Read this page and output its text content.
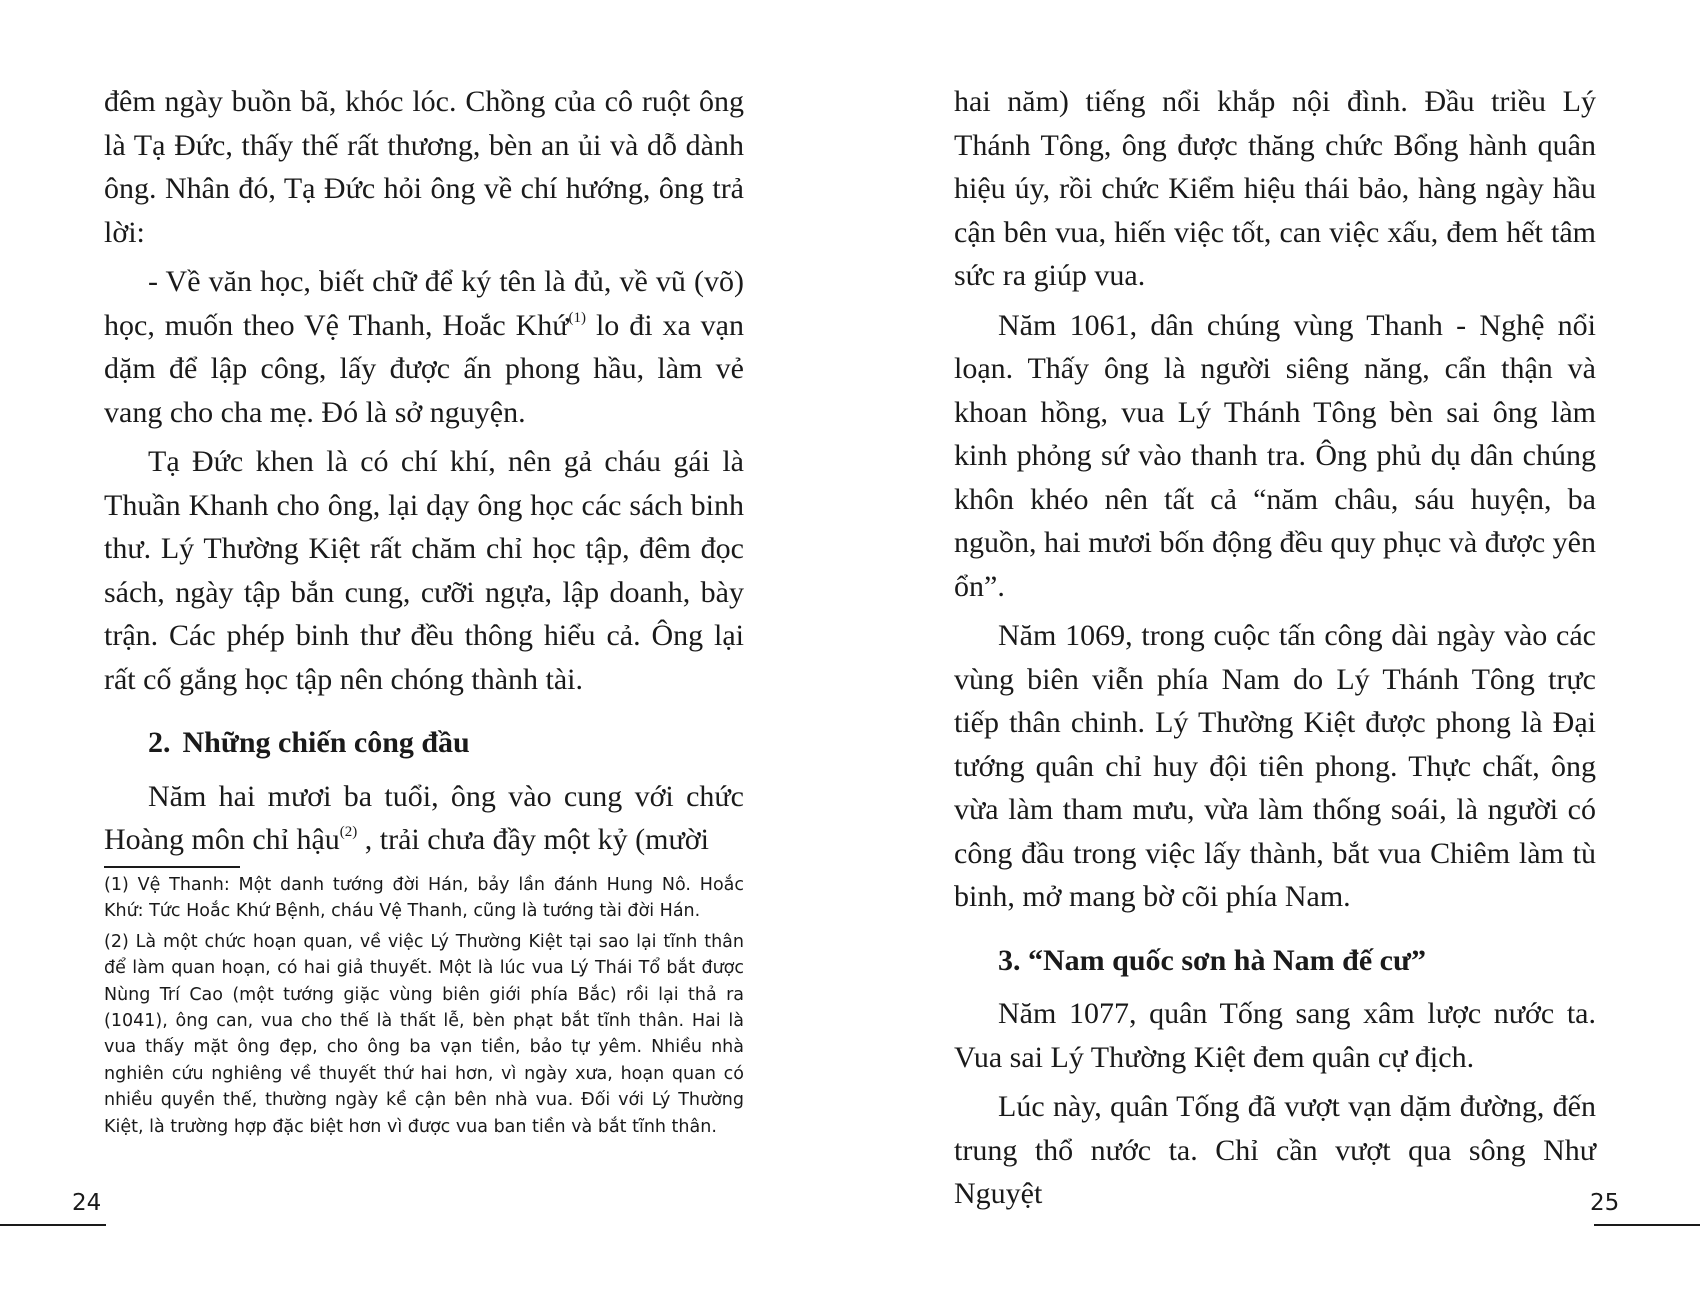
đêm ngày buồn bã, khóc lóc. Chồng của cô ruột ông là Tạ Đức, thấy thế rất thương, bèn an ủi và dỗ dành ông. Nhân đó, Tạ Đức hỏi ông về chí hướng, ông trả lời:

- Về văn học, biết chữ để ký tên là đủ, về vũ (võ) học, muốn theo Vệ Thanh, Hoắc Khứ$^{(1)}$ lo đi xa vạn dặm để lập công, lấy được ấn phong hầu, làm vẻ vang cho cha mẹ. Đó là sở nguyện.

Tạ Đức khen là có chí khí, nên gả cháu gái là Thuần Khanh cho ông, lại dạy ông học các sách binh thư. Lý Thường Kiệt rất chăm chỉ học tập, đêm đọc sách, ngày tập bắn cung, cưỡi ngựa, lập doanh, bày trận. Các phép binh thư đều thông hiểu cả. Ông lại rất cố gắng học tập nên chóng thành tài.

2. Những chiến công đầu

Năm hai mươi ba tuổi, ông vào cung với chức Hoàng môn chỉ hậu$^{(2)}$ , trải chưa đầy một kỷ (mười

(1) Vệ Thanh: Một danh tướng đời Hán, bảy lần đánh Hung Nô. Hoắc Khứ: Tức Hoắc Khứ Bệnh, cháu Vệ Thanh, cũng là tướng tài đời Hán.

(2) Là một chức hoạn quan, về việc Lý Thường Kiệt tại sao lại tĩnh thân để làm quan hoạn, có hai giả thuyết. Một là lúc vua Lý Thái Tổ bắt được Nùng Trí Cao (một tướng giặc vùng biên giới phía Bắc) rồi lại thả ra (1041), ông can, vua cho thế là thất lễ, bèn phạt bắt tĩnh thân. Hai là vua thấy mặt ông đẹp, cho ông ba vạn tiền, bảo tự yêm. Nhiều nhà nghiên cứu nghiêng về thuyết thứ hai hơn, vì ngày xưa, hoạn quan có nhiều quyền thế, thường ngày kề cận bên nhà vua. Đối với Lý Thường Kiệt, là trường hợp đặc biệt hơn vì được vua ban tiền và bắt tĩnh thân.

24

hai năm) tiếng nổi khắp nội đình. Đầu triều Lý Thánh Tông, ông được thăng chức Bổng hành quân hiệu úy, rồi chức Kiểm hiệu thái bảo, hàng ngày hầu cận bên vua, hiến việc tốt, can việc xấu, đem hết tâm sức ra giúp vua.

Năm 1061, dân chúng vùng Thanh - Nghệ nổi loạn. Thấy ông là người siêng năng, cẩn thận và khoan hồng, vua Lý Thánh Tông bèn sai ông làm kinh phỏng sứ vào thanh tra. Ông phủ dụ dân chúng khôn khéo nên tất cả “năm châu, sáu huyện, ba nguồn, hai mươi bốn động đều quy phục và được yên ổn”.

Năm 1069, trong cuộc tấn công dài ngày vào các vùng biên viễn phía Nam do Lý Thánh Tông trực tiếp thân chinh. Lý Thường Kiệt được phong là Đại tướng quân chỉ huy đội tiên phong. Thực chất, ông vừa làm tham mưu, vừa làm thống soái, là người có công đầu trong việc lấy thành, bắt vua Chiêm làm tù binh, mở mang bờ cõi phía Nam.

3. “Nam quốc sơn hà Nam đế cư”

Năm 1077, quân Tống sang xâm lược nước ta. Vua sai Lý Thường Kiệt đem quân cự địch.

Lúc này, quân Tống đã vượt vạn dặm đường, đến trung thổ nước ta. Chỉ cần vượt qua sông Như Nguyệt	25
